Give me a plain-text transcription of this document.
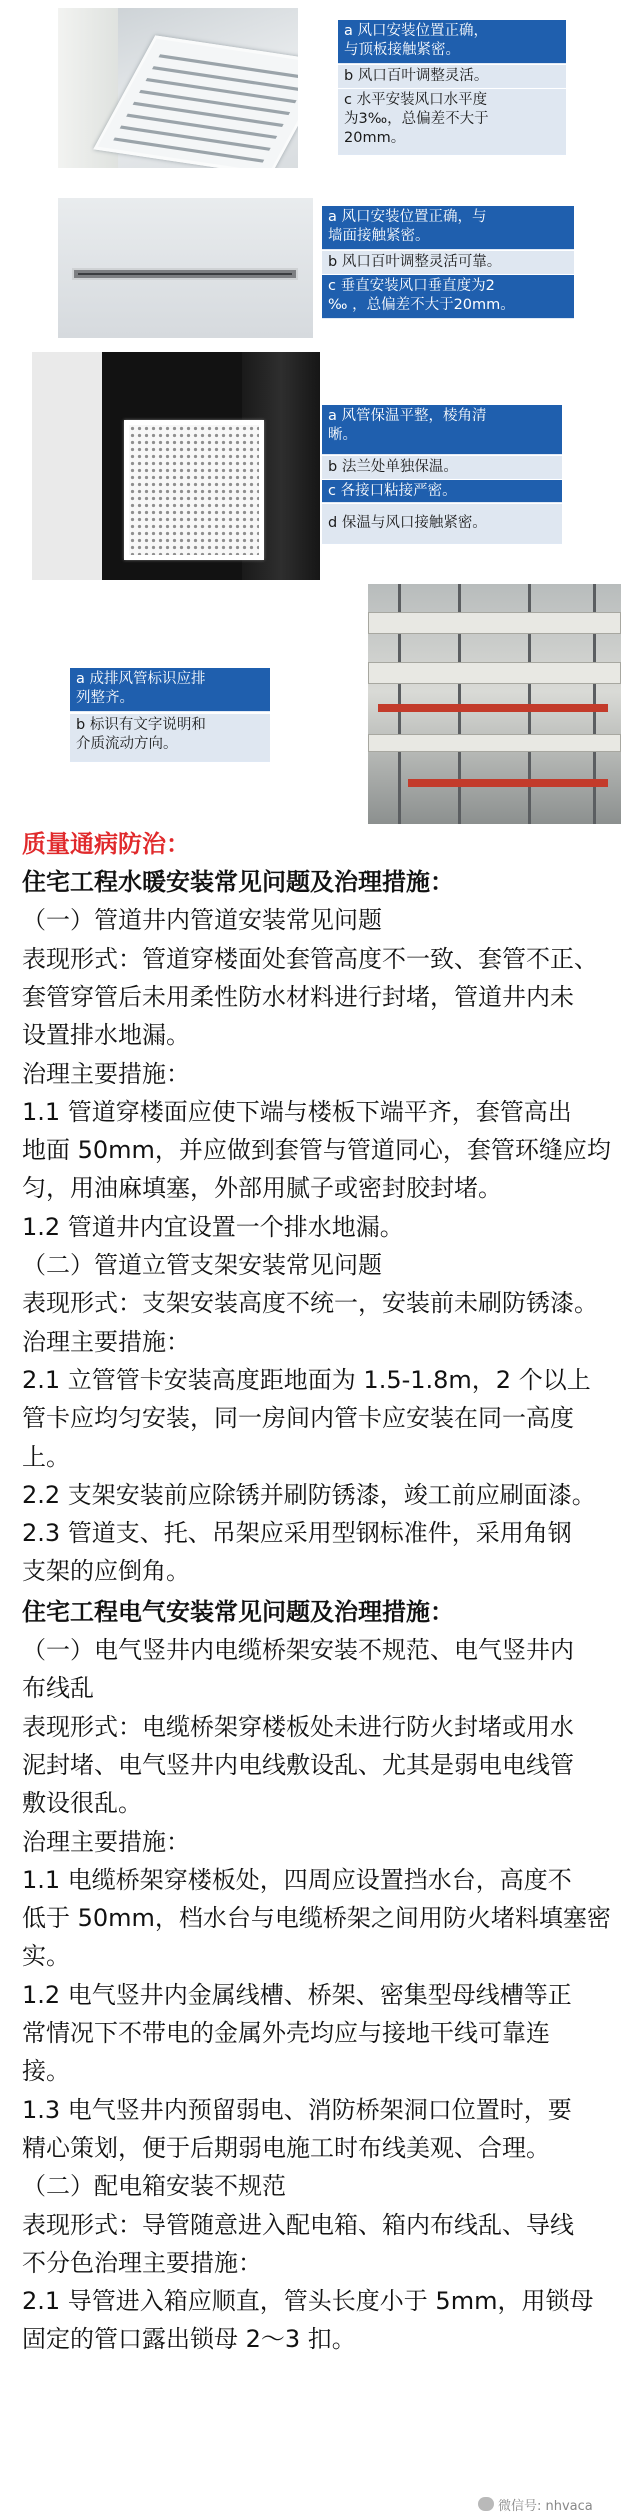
a 风口安装位置正确，
与顶板接触紧密。
b 风口百叶调整灵活。
c 水平安装风口水平度
为3‰，总偏差不大于
20mm。
a 风口安装位置正确，与
墙面接触紧密。
b 风口百叶调整灵活可靠。
c 垂直安装风口垂直度为2
‰ ，总偏差不大于20mm。
a 风管保温平整，棱角清
晰。
b 法兰处单独保温。
c 各接口粘接严密。
d 保温与风口接触紧密。
a 成排风管标识应排
列整齐。
b 标识有文字说明和
介质流动方向。
质量通病防治：
住宅工程水暖安装常见问题及治理措施：
（一）管道井内管道安装常见问题
表现形式：管道穿楼面处套管高度不一致、套管不正、
套管穿管后未用柔性防水材料进行封堵，管道井内未
设置排水地漏。
治理主要措施：
1.1 管道穿楼面应使下端与楼板下端平齐，套管高出
地面 50mm，并应做到套管与管道同心，套管环缝应均
匀，用油麻填塞，外部用腻子或密封胶封堵。
1.2 管道井内宜设置一个排水地漏。
（二）管道立管支架安装常见问题
表现形式：支架安装高度不统一，安装前未刷防锈漆。
治理主要措施：
2.1 立管管卡安装高度距地面为 1.5-1.8m，2 个以上
管卡应均匀安装，同一房间内管卡应安装在同一高度
上。
2.2 支架安装前应除锈并刷防锈漆，竣工前应刷面漆。
2.3 管道支、托、吊架应采用型钢标准件，采用角钢
支架的应倒角。
住宅工程电气安装常见问题及治理措施：
（一）电气竖井内电缆桥架安装不规范、电气竖井内
布线乱
表现形式：电缆桥架穿楼板处未进行防火封堵或用水
泥封堵、电气竖井内电线敷设乱、尤其是弱电电线管
敷设很乱。
治理主要措施：
1.1 电缆桥架穿楼板处，四周应设置挡水台，高度不
低于 50mm，档水台与电缆桥架之间用防火堵料填塞密
实。
1.2 电气竖井内金属线槽、桥架、密集型母线槽等正
常情况下不带电的金属外壳均应与接地干线可靠连
接。
1.3 电气竖井内预留弱电、消防桥架洞口位置时，要
精心策划，便于后期弱电施工时布线美观、合理。
（二）配电箱安装不规范
表现形式：导管随意进入配电箱、箱内布线乱、导线
不分色治理主要措施：
2.1 导管进入箱应顺直，管头长度小于 5mm，用锁母
固定的管口露出锁母 2～3 扣。
微信号: nhvaca
